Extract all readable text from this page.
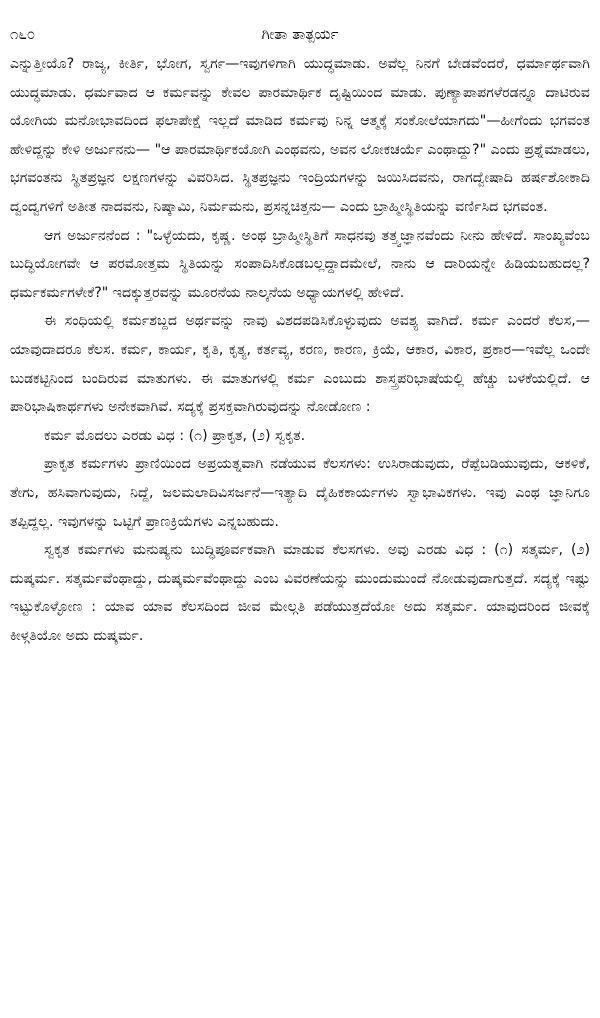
೧೬೦	ಗೀತಾ ತಾತ್ಪರ್ಯ

ಎನ್ನುತ್ತೀಯೊ? ರಾಜ್ಯ, ಕೀರ್ತಿ, ಭೋಗ, ಸ್ವರ್ಗ—ಇವುಗಳಿಗಾಗಿ ಯುದ್ಧಮಾಡು. ಅವೆಲ್ಲ ನಿನಗೆ ಬೇಡವೆಂದರೆ, ಧರ್ಮಾರ್ಥವಾಗಿ ಯುದ್ಧಮಾಡು. ಧರ್ಮವಾದ ಆ ಕರ್ಮವನ್ನು ಕೇವಲ ಪಾರಮಾರ್ಥಿಕ ದೃಷ್ಟಿಯಿಂದ ಮಾಡು. ಪುಣ್ಯಾಪಾಪಗಳೆರಡನ್ನೂ ದಾಟಿರುವ ಯೋಗಿಯ ಮನೋಭಾವದಿಂದ ಫಲಾಪೇಕ್ಷೆ ಇಲ್ಲದೆ ಮಾಡಿದ ಕರ್ಮವು ನಿನ್ನ ಆತ್ಮಕ್ಕೆ ಸಂಕೋಲೆಯಾಗದು"—ಹೀಗೆಂದು ಭಗವಂತ ಹೇಳಿದ್ದನ್ನು ಕೇಳಿ ಅರ್ಜುನನು— "ಆ ಪಾರಮಾರ್ಥಿಕಯೋಗಿ ಎಂಥವನು, ಅವನ ಲೋಕಚರ್ಯೆ ಎಂಥಾದ್ದು?" ಎಂದು ಪ್ರಶ್ನೆಮಾಡಲು, ಭಗವಂತನು ಸ್ಥಿತಪ್ರಜ್ಞನ ಲಕ್ಷಣಗಳನ್ನು ವಿವರಿಸಿದ. ಸ್ಥಿತಪ್ರಜ್ಞನು ಇಂದ್ರಿಯಗಳನ್ನು ಜಯಿಸಿದವನು, ರಾಗದ್ವೇಷಾದಿ ಹರ್ಷಶೋಕಾದಿ ದ್ವಂದ್ವಗಳಿಗೆ ಅತೀತ ನಾದವನು, ನಿಷ್ಕಾಮಿ, ನಿರ್ಮಮನು, ಪ್ರಸನ್ನಚಿತ್ತನು— ಎಂದು ಬ್ರಾಹ್ಮೀಸ್ಥಿತಿಯನ್ನು ವರ್ಣಿಸಿದ ಭಗವಂತ.

ಆಗ ಅರ್ಜುನನೆಂದ : "ಒಳ್ಳೆಯದು, ಕೃಷ್ಣ. ಅಂಥ ಬ್ರಾಹ್ಮೀಸ್ಥಿತಿಗೆ ಸಾಧನವು ತತ್ತ್ವಜ್ಞಾನವೆಂದು ನೀನು ಹೇಳಿದೆ. ಸಾಂಖ್ಯವೆಂಬ ಬುದ್ಧಿಯೋಗವೇ ಆ ಪರಮೋತ್ತಮ ಸ್ಥಿತಿಯನ್ನು ಸಂಪಾದಿಸಿಕೊಡಬಲ್ಲದ್ದಾದಮೇಲೆ, ನಾನು ಆ ದಾರಿಯನ್ನೇ ಹಿಡಿಯಬಹುದಲ್ಲ? ಧರ್ಮಕರ್ಮಗಳೇಕೆ?" ಇದಕ್ಕುತ್ತರವನ್ನು ಮೂರನೆಯ ನಾಲ್ಕನೆಯ ಅಧ್ಯಾಯಗಳಲ್ಲಿ ಹೇಳಿದೆ.

ಈ ಸಂಧಿಯಲ್ಲಿ ಕರ್ಮಶಬ್ದದ ಅರ್ಥವನ್ನು ನಾವು ವಿಶದಪಡಿಸಿಕೊಳ್ಳುವುದು ಅವಶ್ಯ ವಾಗಿದೆ. ಕರ್ಮ ಎಂದರೆ ಕೆಲಸ,—ಯಾವುದಾದರೂ ಕೆಲಸ. ಕರ್ಮ, ಕಾರ್ಯ, ಕೃತಿ, ಕೃತ್ಯ, ಕರ್ತವ್ಯ, ಕರಣ, ಕಾರಣ, ಕ್ರಿಯೆ, ಆಕಾರ, ವಿಕಾರ, ಪ್ರಕಾರ—ಇವೆಲ್ಲ ಒಂದೇ ಬುಡಕಟ್ಟಿನಿಂದ ಬಂದಿರುವ ಮಾತುಗಳು. ಈ ಮಾತುಗಳಲ್ಲಿ ಕರ್ಮ ಎಂಬುದು ಶಾಸ್ತ್ರಪರಿಭಾಷೆಯಲ್ಲಿ ಹೆಚ್ಚು ಬಳಕೆಯಲ್ಲಿದೆ. ಆ ಪಾರಿಭಾಷಿಕಾರ್ಥಗಳು ಅನೇಕವಾಗಿವೆ. ಸದ್ಯಕ್ಕೆ ಪ್ರಸಕ್ತವಾಗಿರುವುದನ್ನು ನೋಡೋಣ :

ಕರ್ಮ ಮೊದಲು ಎರಡು ವಿಧ : (೧) ಪ್ರಾಕೃತ, (೨) ಸ್ವಕೃತ.

ಪ್ರಾಕೃತ ಕರ್ಮಗಳು ಪ್ರಾಣಿಯಿಂದ ಅಪ್ರಯತ್ನವಾಗಿ ನಡೆಯುವ ಕೆಲಸಗಳು: ಉಸಿರಾಡುವುದು, ರೆಪ್ಪೆಬಡಿಯುವುದು, ಆಕಳಿಕೆ, ತೇಗು, ಹಸಿವಾಗುವುದು, ನಿದ್ದೆ, ಜಲಮಲಾದಿವಿಸರ್ಜನೆ—ಇತ್ಯಾದಿ ದೈಹಿಕಕಾರ್ಯಗಳು ಸ್ವಾಭಾವಿಕಗಳು. ಇವು ಎಂಥ ಜ್ಞಾನಿಗೂ ತಪ್ಪಿದ್ದಲ್ಲ. ಇವುಗಳನ್ನು ಒಟ್ಟಿಗೆ ಪ್ರಾಣಕ್ರಿಯೆಗಳು ಎನ್ನಬಹುದು.

ಸ್ವಕೃತ ಕರ್ಮಗಳು ಮನುಷ್ಯನು ಬುದ್ಧಿಪೂರ್ವಕವಾಗಿ ಮಾಡುವ ಕೆಲಸಗಳು. ಅವು ಎರಡು ವಿಧ : (೧) ಸತ್ಕರ್ಮ, (೨) ದುಷ್ಕರ್ಮ. ಸತ್ಕರ್ಮವೆಂಥಾದ್ದು, ದುಷ್ಕರ್ಮವೆಂಥಾದ್ದು ಎಂಬ ವಿವರಣೆಯನ್ನು ಮುಂದುಮುಂದೆ ನೋಡುವುದಾಗುತ್ತದೆ. ಸದ್ಯಕ್ಕೆ ಇಷ್ಟು ಇಟ್ಟುಕೊಳ್ಳೋಣ : ಯಾವ ಯಾವ ಕೆಲಸದಿಂದ ಜೀವ ಮೇಲ್ಗತಿ ಪಡೆಯುತ್ತದೆಯೋ ಅದು ಸತ್ಕರ್ಮ. ಯಾವುದರಿಂದ ಜೀವಕ್ಕೆ ಕೀಳ್ಗತಿಯೋ ಅದು ದುಷ್ಕರ್ಮ.
